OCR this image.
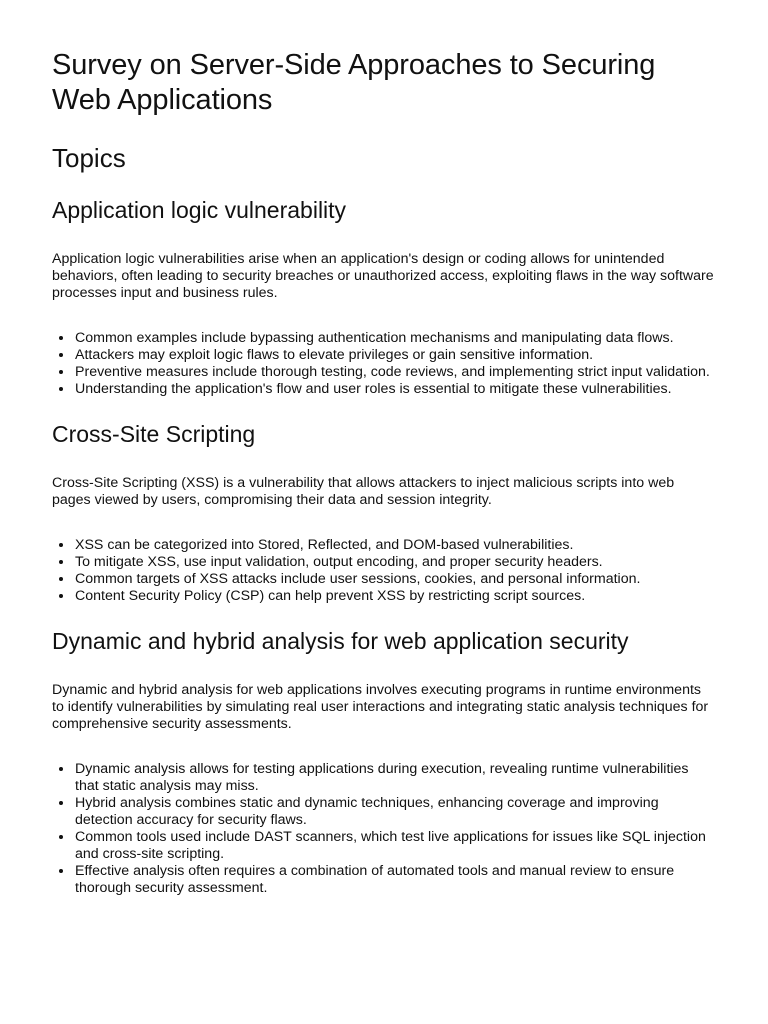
Survey on Server-Side Approaches to Securing Web Applications
Topics
Application logic vulnerability

Application logic vulnerabilities arise when an application's design or coding allows for unintended behaviors, often leading to security breaches or unauthorized access, exploiting flaws in the way software processes input and business rules.

• Common examples include bypassing authentication mechanisms and manipulating data flows.
• Attackers may exploit logic flaws to elevate privileges or gain sensitive information.
• Preventive measures include thorough testing, code reviews, and implementing strict input validation.
• Understanding the application's flow and user roles is essential to mitigate these vulnerabilities.
Cross-Site Scripting

Cross-Site Scripting (XSS) is a vulnerability that allows attackers to inject malicious scripts into web pages viewed by users, compromising their data and session integrity.

• XSS can be categorized into Stored, Reflected, and DOM-based vulnerabilities.
• To mitigate XSS, use input validation, output encoding, and proper security headers.
• Common targets of XSS attacks include user sessions, cookies, and personal information.
• Content Security Policy (CSP) can help prevent XSS by restricting script sources.
Dynamic and hybrid analysis for web application security

Dynamic and hybrid analysis for web applications involves executing programs in runtime environments to identify vulnerabilities by simulating real user interactions and integrating static analysis techniques for comprehensive security assessments.

• Dynamic analysis allows for testing applications during execution, revealing runtime vulnerabilities that static analysis may miss.
• Hybrid analysis combines static and dynamic techniques, enhancing coverage and improving detection accuracy for security flaws.
• Common tools used include DAST scanners, which test live applications for issues like SQL injection and cross-site scripting.
• Effective analysis often requires a combination of automated tools and manual review to ensure thorough security assessment.
